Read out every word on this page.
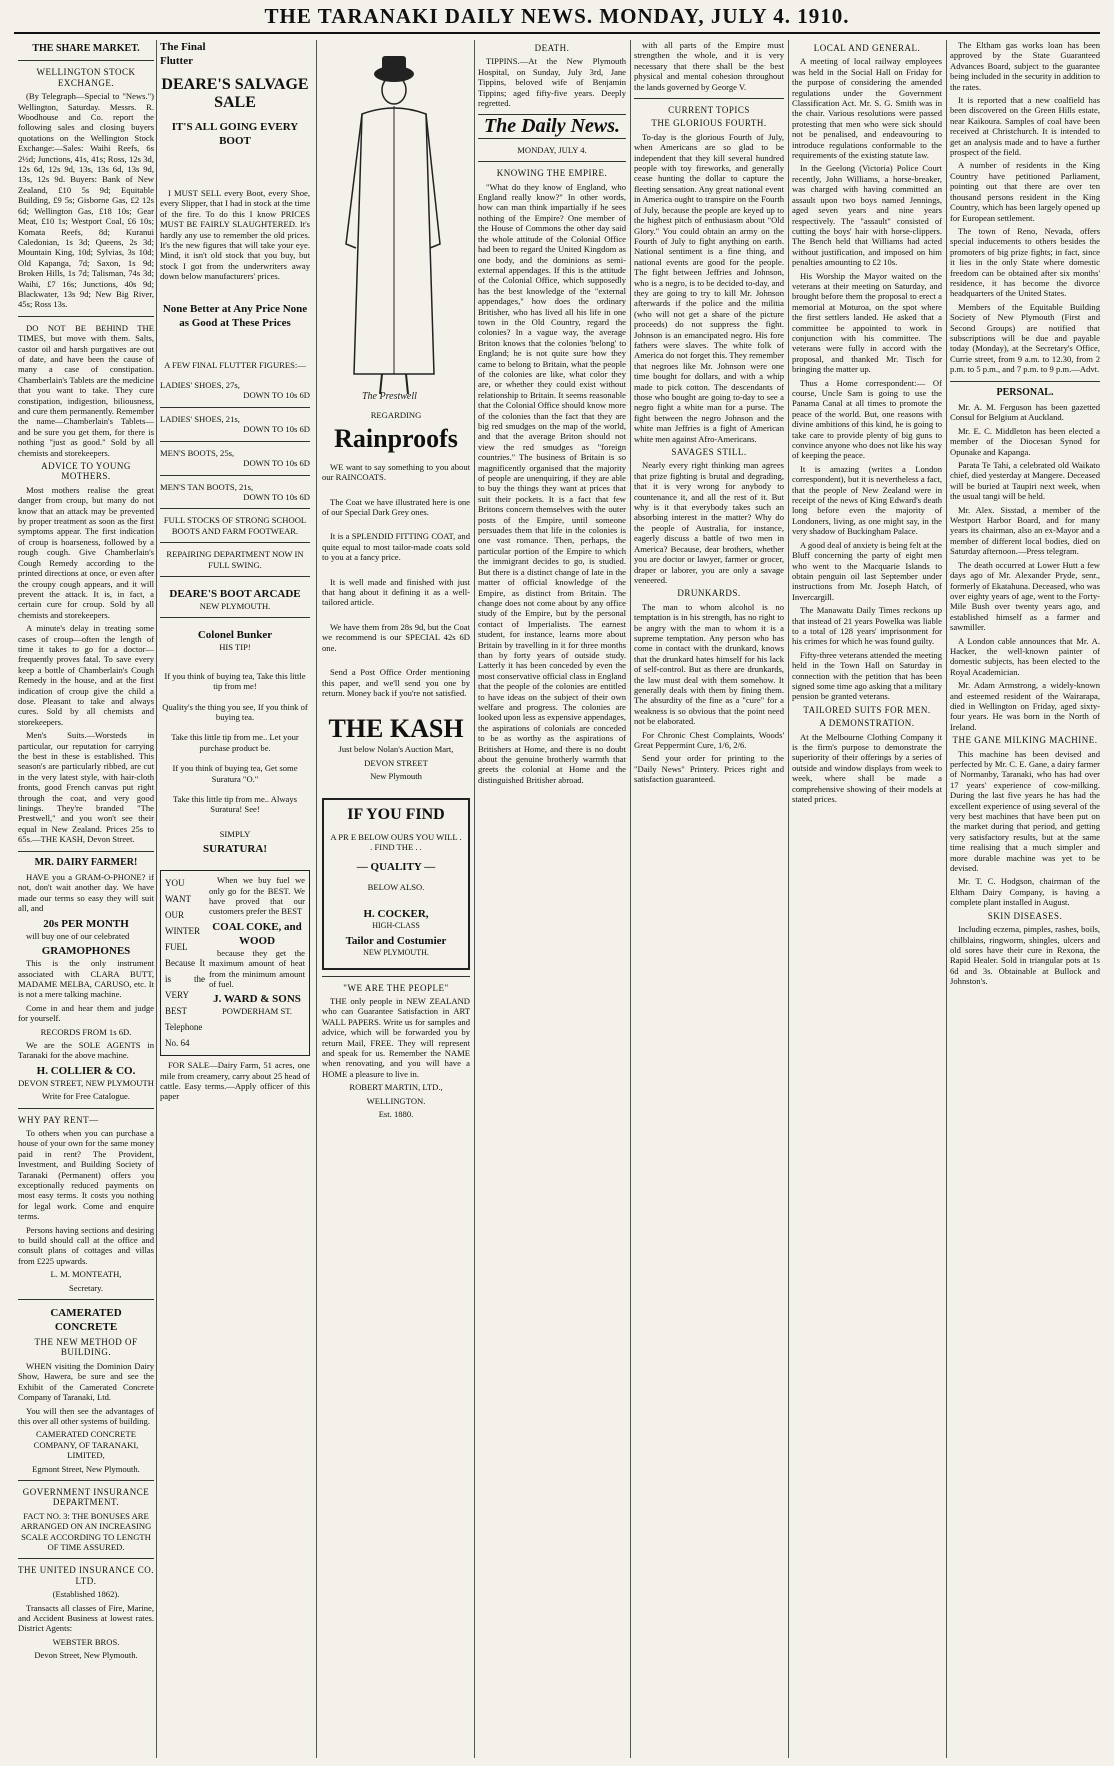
THE TARANAKI DAILY NEWS. MONDAY, JULY 4. 1910.
THE SHARE MARKET.
WELLINGTON STOCK EXCHANGE.

(By Telegraph—Special to "News.") Wellington, Saturday. Messrs. R. Woodhouse and Co. report the following sales and closing buyers quotations on the Wellington Stock Exchange:—Sales: Waihi Reefs, 6s 2½d; Junctions, 41s, 41s; Ross, 12s 3d, 12s 6d, 12s 9d, 13s, 13s 6d, 13s 9d, 13s, 12s 9d. Buyers: Bank of New Zealand, £10 5s 9d; Equitable Building, £9 5s; Gisborne Gas, £2 12s 6d; Wellington Gas, £18 10s; Gear Meat, £10 1s; Westport Coal, £6 10s; Komata Reefs, 8d; Kuranui Caledonian, 1s 3d; Queens, 2s 3d; Mountain King, 10d; Sylvias, 3s 10d; Old Kapanga, 7d; Saxon, 1s 9d; Broken Hills, 1s 7d; Talisman, 74s 3d; Waihi, £7 16s; Junctions, 40s 9d; Blackwater, 13s 9d; New Big River, 45s; Ross 13s.

DO NOT BE BEHIND THE TIMES, but move with them. Salts, castor oil and harsh purgatives are out of date, and have been the cause of many a case of constipation. Chamberlain's Tablets are the medicine that you want to take. They cure constipation, indigestion, biliousness, and cure them permanently. Remember the name—Chamberlain's Tablets—and be sure you get them, for there is nothing "just as good." Sold by all chemists and storekeepers.

ADVICE TO YOUNG MOTHERS.

Most mothers realise the great danger from croup, but many do not know that an attack may be prevented by proper treatment as soon as the first symptoms appear. The first indication of croup is hoarseness, followed by a rough cough. Give Chamberlain's Cough Remedy according to the printed directions at once, or even after the croupy cough appears, and it will prevent the attack. It is, in fact, a certain cure for croup. Sold by all chemists and storekeepers.

A minute's delay in treating some cases of croup—often the length of time it takes to go for a doctor—frequently proves fatal. To save every keep a bottle of Chamberlain's Cough Remedy in the house, and at the first indication of croup give the child a dose. Pleasant to take and always cures. Sold by all chemists and storekeepers.

Men's Suits.—Worsteds in particular, our reputation for carrying the best in these is established. This season's are particularly ribbed, are cut in the very latest style, with hair-cloth fronts, good French canvas put right through the coat, and very good linings. They're branded "The Prestwell," and you won't see their equal in New Zealand. Prices 25s to 65s.—THE KASH, Devon Street.

MR. DAIRY FARMER!

HAVE you a GRAM-O-PHONE? if not, don't wait another day. We have made our terms so easy they will suit all, and

20s PER MONTH

will buy one of our celebrated

GRAMOPHONES

This is the only instrument associated with CLARA BUTT, MADAME MELBA, CARUSO, etc. It is not a mere talking machine.

Come in and hear them and judge for yourself.

RECORDS FROM 1s 6D.

We are the SOLE AGENTS in Taranaki for the above machine.

H. COLLIER & CO.

DEVON STREET, NEW PLYMOUTH

Write for Free Catalogue.

WHY PAY RENT—

To others when you can purchase a house of your own for the same money paid in rent? The Provident, Investment, and Building Society of Taranaki (Permanent) offers you exceptionally reduced payments on most easy terms. It costs you nothing for legal work. Come and enquire terms.

Persons having sections and desiring to build should call at the office and consult plans of cottages and villas from £225 upwards.

L. M. MONTEATH,

Secretary.

CAMERATED CONCRETE
THE NEW METHOD OF BUILDING.

WHEN visiting the Dominion Dairy Show, Hawera, be sure and see the Exhibit of the Camerated Concrete Company of Taranaki, Ltd.

You will then see the advantages of this over all other systems of building.

CAMERATED CONCRETE COMPANY, OF TARANAKI, LIMITED,

Egmont Street, New Plymouth.

GOVERNMENT INSURANCE DEPARTMENT.

FACT NO. 3: THE BONUSES ARE ARRANGED ON AN INCREASING SCALE ACCORDING TO LENGTH OF TIME ASSURED.

THE UNITED INSURANCE CO. LTD.

(Established 1862).

Transacts all classes of Fire, Marine, and Accident Business at lowest rates. District Agents:

WEBSTER BROS.

Devon Street, New Plymouth.

The Final Flutter
DEARE'S SALVAGE SALE
IT'S ALL GOING EVERY BOOT

I MUST SELL every Boot, every Shoe, every Slipper, that I had in stock at the time of the fire. To do this I know PRICES MUST BE FAIRLY SLAUGHTERED. It's hardly any use to remember the old prices. It's the new figures that will take your eye. Mind, it isn't old stock that you buy, but stock I got from the underwriters away down below manufacturers' prices.

None Better at Any Price None as Good at These Prices

A FEW FINAL FLUTTER FIGURES:—

LADIES' SHOES, 27s,
DOWN TO 10s 6D
LADIES' SHOES, 21s,
DOWN TO 10s 6D
MEN'S BOOTS, 25s,
DOWN TO 10s 6D
MEN'S TAN BOOTS, 21s,
DOWN TO 10s 6D

FULL STOCKS OF STRONG SCHOOL BOOTS AND FARM FOOTWEAR.

REPAIRING DEPARTMENT NOW IN FULL SWING.

DEARE'S BOOT ARCADE

NEW PLYMOUTH.

Colonel Bunker

HIS TIP!

If you think of buying tea, Take this little tip from me!

Quality's the thing you see, If you think of buying tea.

Take this little tip from me.. Let your purchase product be.

If you think of buying tea, Get some Suratura "O."

Take this little tip from me.. Always Suratura! See!

SIMPLY

SURATURA!
YOU WANT OUR WINTER FUEL Because It is the VERY BEST Telephone No. 64

When we buy fuel we only go for the BEST. We have proved that our customers prefer the BEST

COAL COKE, and WOOD

because they get the maximum amount of heat from the minimum amount of fuel.

J. WARD & SONS

POWDERHAM ST.

FOR SALE—Dairy Farm, 51 acres, one mile from creamery, carry about 25 head of cattle. Easy terms.—Apply officer of this paper

The Prestwell

REGARDING

Rainproofs

WE want to say something to you about our RAINCOATS.

The Coat we have illustrated here is one of our Special Dark Grey ones.

It is a SPLENDID FITTING COAT, and quite equal to most tailor-made coats sold to you at a fancy price.

It is well made and finished with just that hang about it defining it as a well-tailored article.

We have them from 28s 9d, but the Coat we recommend is our SPECIAL 42s 6D one.

Send a Post Office Order mentioning this paper, and we'll send you one by return. Money back if you're not satisfied.

THE KASH

Just below Nolan's Auction Mart,

DEVON STREET

New Plymouth

IF YOU FIND

A PR E BELOW OURS YOU WILL . . FIND THE . .

— QUALITY —

BELOW ALSO.

H. COCKER,

HIGH-CLASS

Tailor and Costumier

NEW PLYMOUTH.

"WE ARE THE PEOPLE"

THE only people in NEW ZEALAND who can Guarantee Satisfaction in ART WALL PAPERS. Write us for samples and advice, which will be forwarded you by return Mail, FREE. They will represent and speak for us. Remember the NAME when renovating, and you will have a HOME a pleasure to live in.

ROBERT MARTIN, LTD.,

WELLINGTON.

Est. 1880.

DEATH.

TIPPINS.—At the New Plymouth Hospital, on Sunday, July 3rd, Jane Tippins, beloved wife of Benjamin Tippins; aged fifty-five years. Deeply regretted.

The Daily News.

MONDAY, JULY 4.

KNOWING THE EMPIRE.

"What do they know of England, who England really know?" In other words, how can man think impartially if he sees nothing of the Empire? One member of the House of Commons the other day said the whole attitude of the Colonial Office had been to regard the United Kingdom as one body, and the dominions as semi-external appendages. If this is the attitude of the Colonial Office, which supposedly has the best knowledge of the "external appendages," how does the ordinary Britisher, who has lived all his life in one town in the Old Country, regard the colonies? In a vague way, the average Briton knows that the colonies 'belong' to England; he is not quite sure how they came to belong to Britain, what the people of the colonies are like, what color they are, or whether they could exist without relationship to Britain. It seems reasonable that the Colonial Office should know more of the colonies than the fact that they are big red smudges on the map of the world, and that the average Briton should not view the red smudges as "foreign countries." The business of Britain is so magnificently organised that the majority of people are unenquiring, if they are able to buy the things they want at prices that suit their pockets. It is a fact that few Britons concern themselves with the outer posts of the Empire, until someone persuades them that life in the colonies is one vast romance. Then, perhaps, the particular portion of the Empire to which the immigrant decides to go, is studied. But there is a distinct change of late in the matter of official knowledge of the Empire, as distinct from Britain. The change does not come about by any office study of the Empire, but by the personal contact of Imperialists. The earnest student, for instance, learns more about Britain by travelling in it for three months than by forty years of outside study. Latterly it has been conceded by even the most conservative official class in England that the people of the colonies are entitled to have ideas on the subject of their own welfare and progress. The colonies are looked upon less as expensive appendages, the aspirations of colonials are conceded to be as worthy as the aspirations of Britishers at Home, and there is no doubt about the genuine brotherly warmth that greets the colonial at Home and the distinguished Britisher abroad.

with all parts of the Empire must strengthen the whole, and it is very necessary that there shall be the best physical and mental cohesion throughout the lands governed by George V.

CURRENT TOPICS
THE GLORIOUS FOURTH.

To-day is the glorious Fourth of July, when Americans are so glad to be independent that they kill several hundred people with toy fireworks, and generally cease hunting the dollar to capture the fleeting sensation. Any great national event in America ought to transpire on the Fourth of July, because the people are keyed up to the highest pitch of enthusiasm about "Old Glory." You could obtain an army on the Fourth of July to fight anything on earth. National sentiment is a fine thing, and national events are good for the people. The fight between Jeffries and Johnson, who is a negro, is to be decided to-day, and they are going to try to kill Mr. Johnson afterwards if the police and the militia (who will not get a share of the picture proceeds) do not suppress the fight. Johnson is an emancipated negro. His fore fathers were slaves. The white folk of America do not forget this. They remember that negroes like Mr. Johnson were one time bought for dollars, and with a whip made to pick cotton. The descendants of those who bought are going to-day to see a negro fight a white man for a purse. The fight between the negro Johnson and the white man Jeffries is a fight of American white men against Afro-Americans.

SAVAGES STILL.

Nearly every right thinking man agrees that prize fighting is brutal and degrading, that it is very wrong for anybody to countenance it, and all the rest of it. But why is it that everybody takes such an absorbing interest in the matter? Why do the people of Australia, for instance, eagerly discuss a battle of two men in America? Because, dear brothers, whether you are doctor or lawyer, farmer or grocer, draper or laborer, you are only a savage veneered.

DRUNKARDS.

The man to whom alcohol is no temptation is in his strength, has no right to be angry with the man to whom it is a supreme temptation. Any person who has come in contact with the drunkard, knows that the drunkard hates himself for his lack of self-control. But as there are drunkards, the law must deal with them somehow. It generally deals with them by fining them. The absurdity of the fine as a "cure" for a weakness is so obvious that the point need not be elaborated.

For Chronic Chest Complaints, Woods' Great Peppermint Cure, 1/6, 2/6.

Send your order for printing to the "Daily News" Printery. Prices right and satisfaction guaranteed.

LOCAL AND GENERAL.

A meeting of local railway employees was held in the Social Hall on Friday for the purpose of considering the amended regulations under the Government Classification Act. Mr. S. G. Smith was in the chair. Various resolutions were passed protesting that men who were sick should not be penalised, and endeavouring to introduce regulations conformable to the requirements of the existing statute law.

In the Geelong (Victoria) Police Court recently, John Williams, a horse-breaker, was charged with having committed an assault upon two boys named Jennings, aged seven years and nine years respectively. The "assault" consisted of cutting the boys' hair with horse-clippers. The Bench held that Williams had acted without justification, and imposed on him penalties amounting to £2 10s.

His Worship the Mayor waited on the veterans at their meeting on Saturday, and brought before them the proposal to erect a memorial at Moturoa, on the spot where the first settlers landed. He asked that a committee be appointed to work in conjunction with his committee. The veterans were fully in accord with the proposal, and thanked Mr. Tisch for bringing the matter up.

Thus a Home correspondent:— Of course, Uncle Sam is going to use the Panama Canal at all times to promote the peace of the world. But, one reasons with divine ambitions of this kind, he is going to take care to provide plenty of big guns to convince anyone who does not like his way of keeping the peace.

It is amazing (writes a London correspondent), but it is nevertheless a fact, that the people of New Zealand were in receipt of the news of King Edward's death long before even the majority of Londoners, living, as one might say, in the very shadow of Buckingham Palace.

A good deal of anxiety is being felt at the Bluff concerning the party of eight men who went to the Macquarie Islands to obtain penguin oil last September under instructions from Mr. Joseph Hatch, of Invercargill.

The Manawatu Daily Times reckons up that instead of 21 years Powelka was liable to a total of 128 years' imprisonment for his crimes for which he was found guilty.

Fifty-three veterans attended the meeting held in the Town Hall on Saturday in connection with the petition that has been signed some time ago asking that a military pension be granted veterans.

TAILORED SUITS FOR MEN.
A DEMONSTRATION.

At the Melbourne Clothing Company it is the firm's purpose to demonstrate the superiority of their offerings by a series of outside and window displays from week to week, where shall be made a comprehensive showing of their models at stated prices.

The Eltham gas works loan has been approved by the State Guaranteed Advances Board, subject to the guarantee being included in the security in addition to the rates.

It is reported that a new coalfield has been discovered on the Green Hills estate, near Kaikoura. Samples of coal have been received at Christchurch. It is intended to get an analysis made and to have a further prospect of the field.

A number of residents in the King Country have petitioned Parliament, pointing out that there are over ten thousand persons resident in the King Country, which has been largely opened up for European settlement.

The town of Reno, Nevada, offers special inducements to others besides the promoters of big prize fights; in fact, since it lies in the only State where domestic freedom can be obtained after six months' residence, it has become the divorce headquarters of the United States.

Members of the Equitable Building Society of New Plymouth (First and Second Groups) are notified that subscriptions will be due and payable today (Monday), at the Secretary's Office, Currie street, from 9 a.m. to 12.30, from 2 p.m. to 5 p.m., and 7 p.m. to 9 p.m.—Advt.

PERSONAL.

Mr. A. M. Ferguson has been gazetted Consul for Belgium at Auckland.

Mr. E. C. Middleton has been elected a member of the Diocesan Synod for Opunake and Kapanga.

Parata Te Tahi, a celebrated old Waikato chief, died yesterday at Mangere. Deceased will be buried at Taupiri next week, when the usual tangi will be held.

Mr. Alex. Sisstad, a member of the Westport Harbor Board, and for many years its chairman, also an ex-Mayor and a member of different local bodies, died on Saturday afternoon.—Press telegram.

The death occurred at Lower Hutt a few days ago of Mr. Alexander Pryde, senr., formerly of Ekatahuna. Deceased, who was over eighty years of age, went to the Forty-Mile Bush over twenty years ago, and established himself as a farmer and sawmiller.

A London cable announces that Mr. A. Hacker, the well-known painter of domestic subjects, has been elected to the Royal Academician.

Mr. Adam Armstrong, a widely-known and esteemed resident of the Wairarapa, died in Wellington on Friday, aged sixty-four years. He was born in the North of Ireland.

THE GANE MILKING MACHINE.

This machine has been devised and perfected by Mr. C. E. Gane, a dairy farmer of Normanby, Taranaki, who has had over 17 years' experience of cow-milking. During the last five years he has had the excellent experience of using several of the very best machines that have been put on the market during that period, and getting very satisfactory results, but at the same time realising that a much simpler and more durable machine was yet to be devised.

Mr. T. C. Hodgson, chairman of the Eltham Dairy Company, is having a complete plant installed in August.

SKIN DISEASES.

Including eczema, pimples, rashes, boils, chilblains, ringworm, shingles, ulcers and old sores have their cure in Rexona, the Rapid Healer. Sold in triangular pots at 1s 6d and 3s. Obtainable at Bullock and Johnston's.
